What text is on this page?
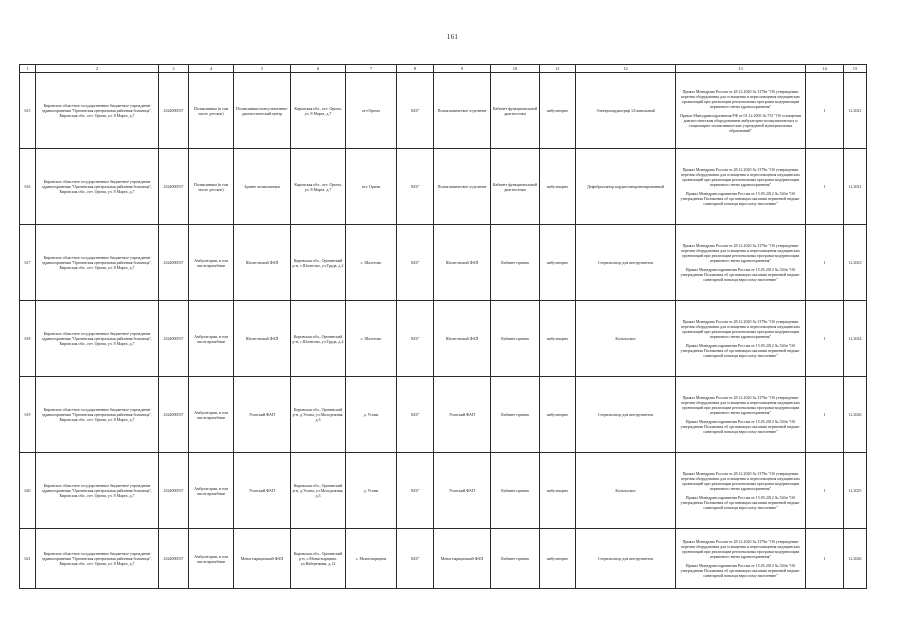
161
1	2	3	4	5	6	7	8	9	10	11	12	13	14	15
615	Кировское областное государственное бюджетное учреждение здравоохранения "Оричевская центральная районная больница", Кировская обл., пгт. Оричи, ул. 8 Марта, д.7	4324000537	Поликлиника (в том числе детские)	Поликлинико-консультативно-диагностический центр	Кировская обл., пгт. Оричи, ул. 8 Марта, д.7	пгт.Оричи	8437	Поликлиническое отделение	Кабинет функциональной диагностики	амбулаторно	Электрокардиограф 12-канальный	Приказ Минздрава России от 28.12.2020 № 1379н "Об утверждении перечня оборудования для оснащения и переоснащения медицинских организаций при реализации региональных программ модернизации первичного звена здравоохранения"

Приказ Минздравсоцразвития РФ от 01.12.2005 № 753 "Об оснащении диагностическим оборудованием амбулаторно-поликлинических и стационарно-поликлинических учреждений муниципальных образований"	1	12.2021
616	Кировское областное государственное бюджетное учреждение здравоохранения "Оричевская центральная районная больница", Кировская обл., пгт. Оричи, ул. 8 Марта, д.7	4324000537	Поликлиника (в том числе детские)	Здание поликлиники	Кировская обл., пгт. Оричи, ул. 8 Марта, д.7	пгт. Оричи	8437	Поликлиническое отделение	Кабинет функциональной диагностики	амбулаторно	Дефибриллятор кардиосинхронизированный	Приказ Минздрава России от 28.12.2020 № 1379н "Об утверждении перечня оборудования для оснащения и переоснащения медицинских организаций при реализации региональных программ модернизации первичного звена здравоохранения"

Приказ Минздравсоцразвития России от 15.05.2012 № 543н "Об утверждении Положения об организации оказания первичной медико-санитарной помощи взрослому населению"	1	12.2021
617	Кировское областное государственное бюджетное учреждение здравоохранения "Оричевская центральная районная больница", Кировская обл., пгт. Оричи, ул. 8 Марта, д.7	4324000537	Амбулатории, в том числе врачебные	Шалеговский ФАП	Кировская обл., Оричевский р-н, с.Шалегово, ул.Труда, д.2	с. Шалегово	8437	Шалеговский ФАП	Кабинет приема	амбулаторно	Стерилизатор для инструментов	Приказ Минздрава России от 28.12.2020 № 1379н "Об утверждении перечня оборудования для оснащения и переоснащения медицинских организаций при реализации региональных программ модернизации первичного звена здравоохранения"

Приказ Минздравсоцразвития России от 15.05.2012 № 543н "Об утверждении Положения об организации оказания первичной медико-санитарной помощи взрослому населению"	1	12.2023
618	Кировское областное государственное бюджетное учреждение здравоохранения "Оричевская центральная районная больница", Кировская обл., пгт. Оричи, ул. 8 Марта, д.7	4324000537	Амбулатории, в том числе врачебные	Шалеговский ФАП	Кировская обл., Оричевский р-н, с.Шалегово, ул.Труда, д.2	с. Шалегово	8437	Шалеговский ФАП	Кабинет приема	амбулаторно	Кольпоскоп	Приказ Минздрава России от 28.12.2020 № 1379н "Об утверждении перечня оборудования для оснащения и переоснащения медицинских организаций при реализации региональных программ модернизации первичного звена здравоохранения"

Приказ Минздравсоцразвития России от 15.05.2012 № 543н "Об утверждении Положения об организации оказания первичной медико-санитарной помощи взрослому населению"	1	12.2024
619	Кировское областное государственное бюджетное учреждение здравоохранения "Оричевская центральная районная больница", Кировская обл., пгт. Оричи, ул. 8 Марта, д.7	4324000537	Амбулатории, в том числе врачебные	Усовский ФАП	Кировская обл., Оричевский р-н, д.Усовы, ул.Молодежная, д.3	д. Усовы	8437	Усовский ФАП	Кабинет приема	амбулаторно	Стерилизатор для инструментов	Приказ Минздрава России от 28.12.2020 № 1379н "Об утверждении перечня оборудования для оснащения и переоснащения медицинских организаций при реализации региональных программ модернизации первичного звена здравоохранения"

Приказ Минздравсоцразвития России от 15.05.2012 № 543н "Об утверждении Положения об организации оказания первичной медико-санитарной помощи взрослому населению"	1	12.2026
620	Кировское областное государственное бюджетное учреждение здравоохранения "Оричевская центральная районная больница", Кировская обл., пгт. Оричи, ул. 8 Марта, д.7	4324000537	Амбулатории, в том числе врачебные	Усовский ФАП	Кировская обл., Оричевский р-н, д.Усовы, ул.Молодежная, д.3	д. Усовы	8437	Усовский ФАП	Кабинет приема	амбулаторно	Кольпоскоп	Приказ Минздрава России от 28.12.2020 № 1379н "Об утверждении перечня оборудования для оснащения и переоснащения медицинских организаций при реализации региональных программ модернизации первичного звена здравоохранения"

Приказ Минздравсоцразвития России от 15.05.2012 № 543н "Об утверждении Положения об организации оказания первичной медико-санитарной помощи взрослому населению"	1	12.2025
621	Кировское областное государственное бюджетное учреждение здравоохранения "Оричевская центральная районная больница", Кировская обл., пгт. Оричи, ул. 8 Марта, д.7	4324000537	Амбулатории, в том числе врачебные	Монастырщинский ФАП	Кировская обл., Оричевский р-н, с.Монастырщина, ул.Набережная, д.12	с. Монастырщина	8437	Монастырщинский ФАП	Кабинет приема	амбулаторно	Стерилизатор для инструментов	Приказ Минздрава России от 28.12.2020 № 1379н "Об утверждении перечня оборудования для оснащения и переоснащения медицинских организаций при реализации региональных программ модернизации первичного звена здравоохранения"

Приказ Минздравсоцразвития России от 15.05.2012 № 543н "Об утверждении Положения об организации оказания первичной медико-санитарной помощи взрослому населению"	1	12.2026
